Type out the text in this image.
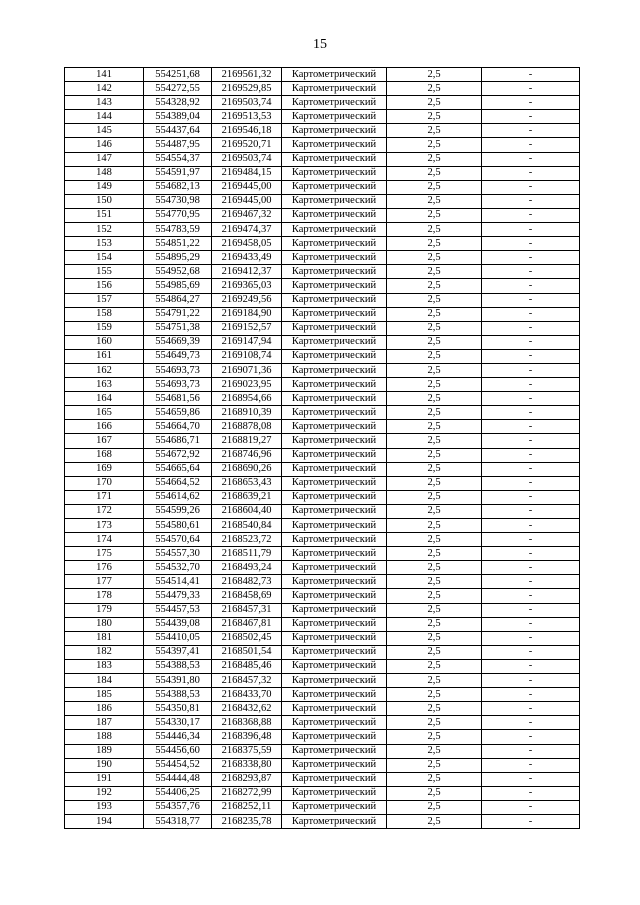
15
141	554251,68	2169561,32	Картометрический	2,5	-
142	554272,55	2169529,85	Картометрический	2,5	-
143	554328,92	2169503,74	Картометрический	2,5	-
144	554389,04	2169513,53	Картометрический	2,5	-
145	554437,64	2169546,18	Картометрический	2,5	-
146	554487,95	2169520,71	Картометрический	2,5	-
147	554554,37	2169503,74	Картометрический	2,5	-
148	554591,97	2169484,15	Картометрический	2,5	-
149	554682,13	2169445,00	Картометрический	2,5	-
150	554730,98	2169445,00	Картометрический	2,5	-
151	554770,95	2169467,32	Картометрический	2,5	-
152	554783,59	2169474,37	Картометрический	2,5	-
153	554851,22	2169458,05	Картометрический	2,5	-
154	554895,29	2169433,49	Картометрический	2,5	-
155	554952,68	2169412,37	Картометрический	2,5	-
156	554985,69	2169365,03	Картометрический	2,5	-
157	554864,27	2169249,56	Картометрический	2,5	-
158	554791,22	2169184,90	Картометрический	2,5	-
159	554751,38	2169152,57	Картометрический	2,5	-
160	554669,39	2169147,94	Картометрический	2,5	-
161	554649,73	2169108,74	Картометрический	2,5	-
162	554693,73	2169071,36	Картометрический	2,5	-
163	554693,73	2169023,95	Картометрический	2,5	-
164	554681,56	2168954,66	Картометрический	2,5	-
165	554659,86	2168910,39	Картометрический	2,5	-
166	554664,70	2168878,08	Картометрический	2,5	-
167	554686,71	2168819,27	Картометрический	2,5	-
168	554672,92	2168746,96	Картометрический	2,5	-
169	554665,64	2168690,26	Картометрический	2,5	-
170	554664,52	2168653,43	Картометрический	2,5	-
171	554614,62	2168639,21	Картометрический	2,5	-
172	554599,26	2168604,40	Картометрический	2,5	-
173	554580,61	2168540,84	Картометрический	2,5	-
174	554570,64	2168523,72	Картометрический	2,5	-
175	554557,30	2168511,79	Картометрический	2,5	-
176	554532,70	2168493,24	Картометрический	2,5	-
177	554514,41	2168482,73	Картометрический	2,5	-
178	554479,33	2168458,69	Картометрический	2,5	-
179	554457,53	2168457,31	Картометрический	2,5	-
180	554439,08	2168467,81	Картометрический	2,5	-
181	554410,05	2168502,45	Картометрический	2,5	-
182	554397,41	2168501,54	Картометрический	2,5	-
183	554388,53	2168485,46	Картометрический	2,5	-
184	554391,80	2168457,32	Картометрический	2,5	-
185	554388,53	2168433,70	Картометрический	2,5	-
186	554350,81	2168432,62	Картометрический	2,5	-
187	554330,17	2168368,88	Картометрический	2,5	-
188	554446,34	2168396,48	Картометрический	2,5	-
189	554456,60	2168375,59	Картометрический	2,5	-
190	554454,52	2168338,80	Картометрический	2,5	-
191	554444,48	2168293,87	Картометрический	2,5	-
192	554406,25	2168272,99	Картометрический	2,5	-
193	554357,76	2168252,11	Картометрический	2,5	-
194	554318,77	2168235,78	Картометрический	2,5	-
